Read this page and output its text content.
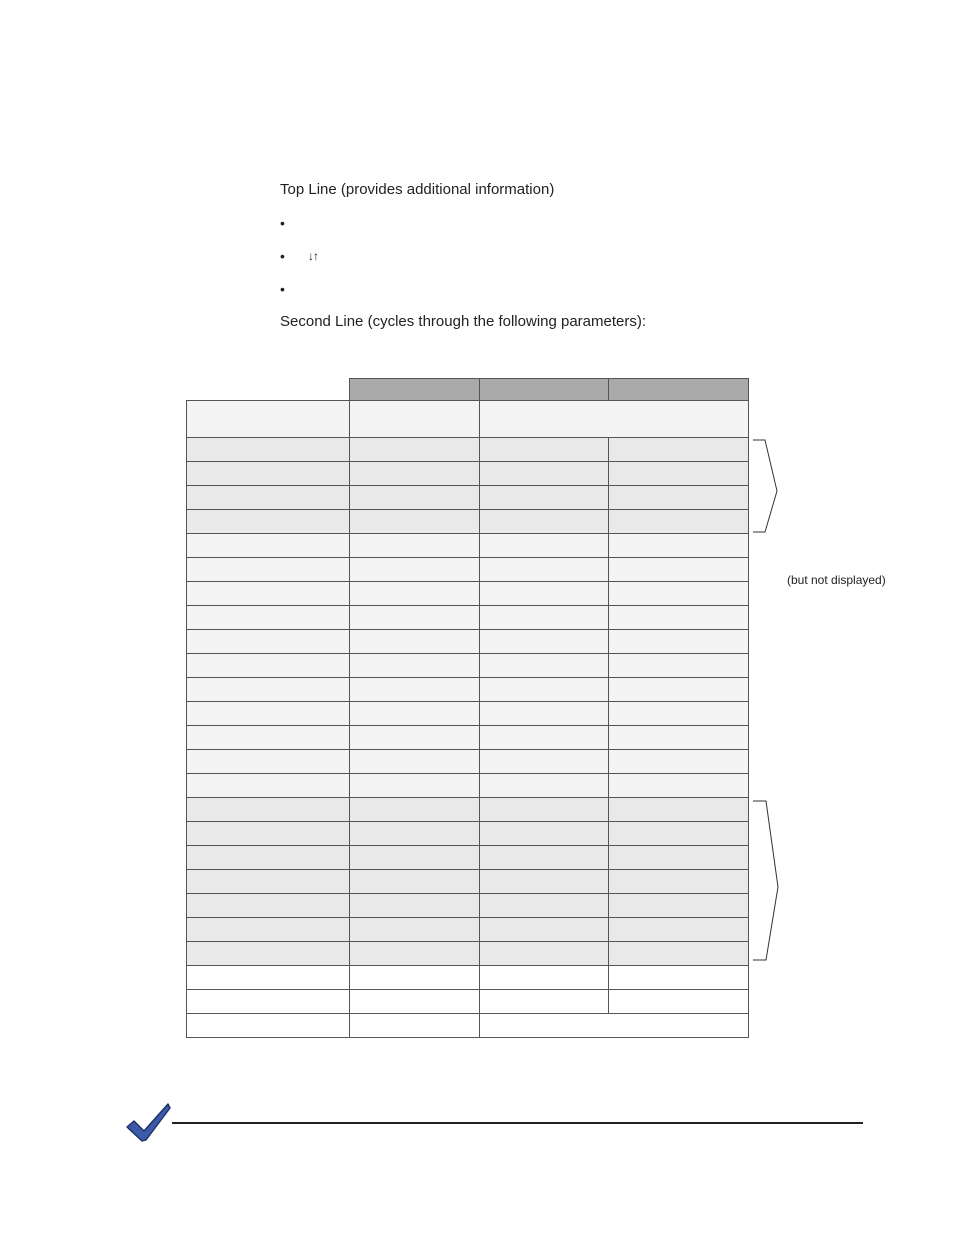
Top Line (provides additional information)
•
• ↓↑
•
Second Line (cycles through the following parameters):

(but not displayed)
